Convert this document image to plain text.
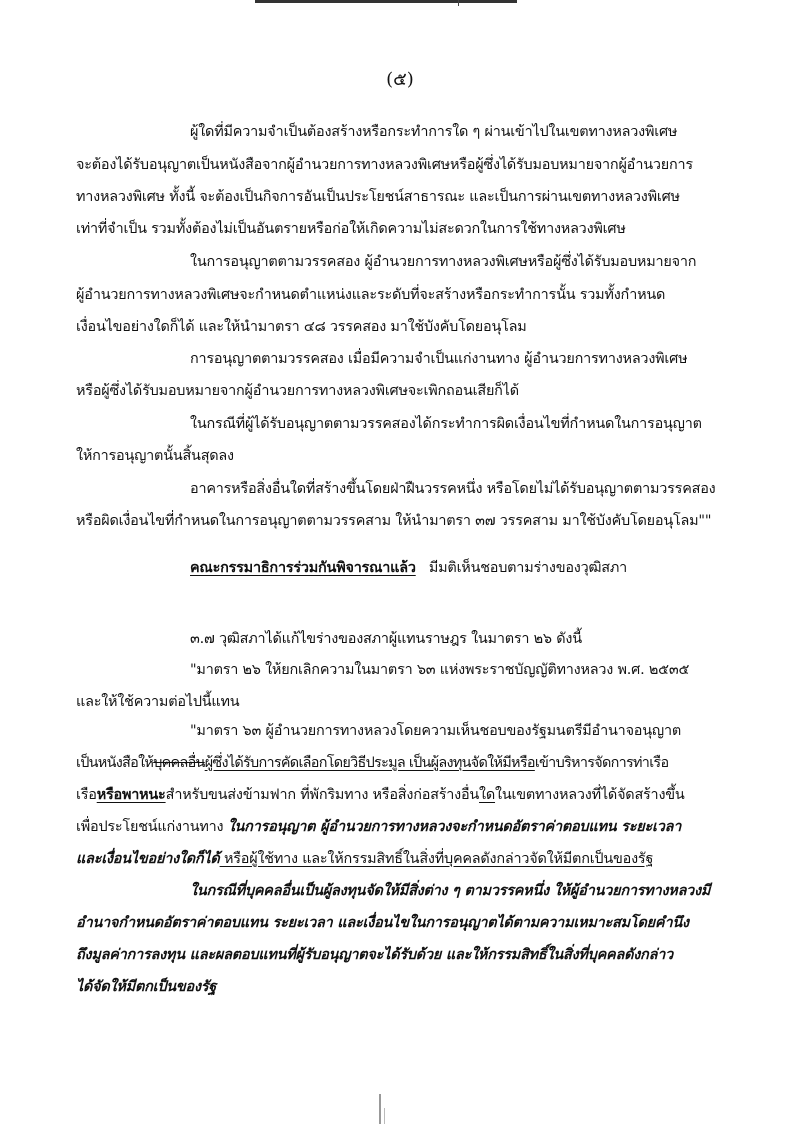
(๕)
ผู้ใดที่มีความจำเป็นต้องสร้างหรือกระทำการใด ๆ ผ่านเข้าไปในเขตทางหลวงพิเศษ
จะต้องได้รับอนุญาตเป็นหนังสือจากผู้อำนวยการทางหลวงพิเศษหรือผู้ซึ่งได้รับมอบหมายจากผู้อำนวยการ
ทางหลวงพิเศษ ทั้งนี้ จะต้องเป็นกิจการอันเป็นประโยชน์สาธารณะ และเป็นการผ่านเขตทางหลวงพิเศษ
เท่าที่จำเป็น รวมทั้งต้องไม่เป็นอันตรายหรือก่อให้เกิดความไม่สะดวกในการใช้ทางหลวงพิเศษ
ในการอนุญาตตามวรรคสอง ผู้อำนวยการทางหลวงพิเศษหรือผู้ซึ่งได้รับมอบหมายจาก
ผู้อำนวยการทางหลวงพิเศษจะกำหนดตำแหน่งและระดับที่จะสร้างหรือกระทำการนั้น รวมทั้งกำหนด
เงื่อนไขอย่างใดก็ได้ และให้นำมาตรา ๔๘ วรรคสอง มาใช้บังคับโดยอนุโลม
การอนุญาตตามวรรคสอง เมื่อมีความจำเป็นแก่งานทาง ผู้อำนวยการทางหลวงพิเศษ
หรือผู้ซึ่งได้รับมอบหมายจากผู้อำนวยการทางหลวงพิเศษจะเพิกถอนเสียก็ได้
ในกรณีที่ผู้ได้รับอนุญาตตามวรรคสองได้กระทำการผิดเงื่อนไขที่กำหนดในการอนุญาต
ให้การอนุญาตนั้นสิ้นสุดลง
อาคารหรือสิ่งอื่นใดที่สร้างขึ้นโดยฝ่าฝืนวรรคหนึ่ง หรือโดยไม่ได้รับอนุญาตตามวรรคสอง
หรือผิดเงื่อนไขที่กำหนดในการอนุญาตตามวรรคสาม ให้นำมาตรา ๓๗ วรรคสาม มาใช้บังคับโดยอนุโลม""
คณะกรรมาธิการร่วมกันพิจารณาแล้ว มีมติเห็นชอบตามร่างของวุฒิสภา
๓.๗ วุฒิสภาได้แก้ไขร่างของสภาผู้แทนราษฎร ในมาตรา ๒๖ ดังนี้
"มาตรา ๒๖ ให้ยกเลิกความในมาตรา ๖๓ แห่งพระราชบัญญัติทางหลวง พ.ศ. ๒๕๓๕
และให้ใช้ความต่อไปนี้แทน
"มาตรา ๖๓ ผู้อำนวยการทางหลวงโดยความเห็นชอบของรัฐมนตรีมีอำนาจอนุญาต
เป็นหนังสือให้บุคคลอื่นผู้ซึ่งได้รับการคัดเลือกโดยวิธีประมูล เป็นผู้ลงทุนจัดให้มีหรือเข้าบริหารจัดการท่าเรือ
เรือหรือพาหนะสำหรับขนส่งข้ามฟาก ที่พักริมทาง หรือสิ่งก่อสร้างอื่นใดในเขตทางหลวงที่ได้จัดสร้างขึ้น
เพื่อประโยชน์แก่งานทาง ในการอนุญาต ผู้อำนวยการทางหลวงจะกำหนดอัตราค่าตอบแทน ระยะเวลา
และเงื่อนไขอย่างใดก็ได้ หรือผู้ใช้ทาง และให้กรรมสิทธิ์ในสิ่งที่บุคคลดังกล่าวจัดให้มีตกเป็นของรัฐ
ในกรณีที่บุคคลอื่นเป็นผู้ลงทุนจัดให้มีสิ่งต่าง ๆ ตามวรรคหนึ่ง ให้ผู้อำนวยการทางหลวงมี
อำนาจกำหนดอัตราค่าตอบแทน ระยะเวลา และเงื่อนไขในการอนุญาตได้ตามความเหมาะสมโดยคำนึง
ถึงมูลค่าการลงทุน และผลตอบแทนที่ผู้รับอนุญาตจะได้รับด้วย และให้กรรมสิทธิ์ในสิ่งที่บุคคลดังกล่าว
ได้จัดให้มีตกเป็นของรัฐ
